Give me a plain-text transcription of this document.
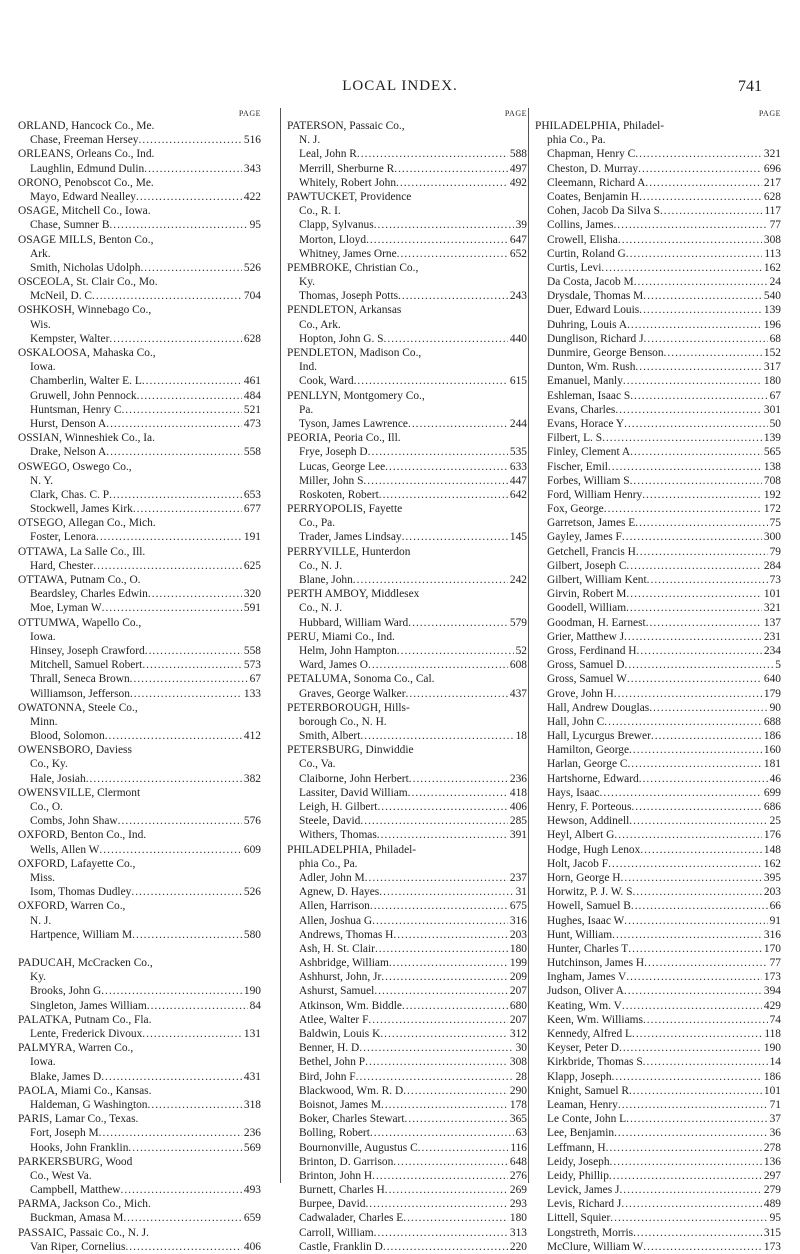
LOCAL INDEX.	741
PAGE
ORLAND, Hancock Co., Me.
Chase, Freeman Hersey .....	516
ORLEANS, Orleans Co., Ind.
Laughlin, Edmund Dulin .....	343
ORONO, Penobscot Co., Me.
Mayo, Edward Nealley .....	422
OSAGE, Mitchell Co., Iowa.
Chase, Sumner B .....	95
OSAGE MILLS, Benton Co.,
Ark.
Smith, Nicholas Udolph .....	526
OSCEOLA, St. Clair Co., Mo.
McNeil, D. C .....	704
OSHKOSH, Winnebago Co.,
Wis.
Kempster, Walter .....	628
OSKALOOSA, Mahaska Co.,
Iowa.
Chamberlin, Walter E. L .....	461
Gruwell, John Pennock .....	484
Huntsman, Henry C .....	521
Hurst, Denson A .....	473
OSSIAN, Winneshiek Co., Ia.
Drake, Nelson A .....	558
OSWEGO, Oswego Co.,
N. Y.
Clark, Chas. C. P .....	653
Stockwell, James Kirk .....	677
OTSEGO, Allegan Co., Mich.
Foster, Lenora .....	191
OTTAWA, La Salle Co., Ill.
Hard, Chester .....	625
OTTAWA, Putnam Co., O.
Beardsley, Charles Edwin .....	320
Moe, Lyman W .....	591
OTTUMWA, Wapello Co.,
Iowa.
Hinsey, Joseph Crawford .....	558
Mitchell, Samuel Robert .....	573
Thrall, Seneca Brown .....	67
Williamson, Jefferson .....	133
OWATONNA, Steele Co.,
Minn.
Blood, Solomon .....	412
OWENSBORO, Daviess
Co., Ky.
Hale, Josiah .....	382
OWENSVILLE, Clermont
Co., O.
Combs, John Shaw .....	576
OXFORD, Benton Co., Ind.
Wells, Allen W .....	609
OXFORD, Lafayette Co.,
Miss.
Isom, Thomas Dudley .....	526
OXFORD, Warren Co.,
N. J.
Hartpence, William M .....	580
PADUCAH, McCracken Co.,
Ky.
Brooks, John G .....	190
Singleton, James William .....	84
PALATKA, Putnam Co., Fla.
Lente, Frederick Divoux .....	131
PALMYRA, Warren Co.,
Iowa.
Blake, James D .....	431
PAOLA, Miami Co., Kansas.
Haldeman, G Washington .....	318
PARIS, Lamar Co., Texas.
Fort, Joseph M .....	236
Hooks, John Franklin .....	569
PARKERSBURG, Wood
Co., West Va.
Campbell, Matthew .....	493
PARMA, Jackson Co., Mich.
Buckman, Amasa M .....	659
PASSAIC, Passaic Co., N. J.
Van Riper, Cornelius .....	406
PAGE
PATERSON, Passaic Co.,
N. J.
Leal, John R .....	588
Merrill, Sherburne R .....	497
Whitely, Robert John .....	492
PAWTUCKET, Providence
Co., R. I.
Clapp, Sylvanus .....	39
Morton, Lloyd .....	647
Whitney, James Orne .....	652
PEMBROKE, Christian Co.,
Ky.
Thomas, Joseph Potts .....	243
PENDLETON, Arkansas
Co., Ark.
Hopton, John G. S .....	440
PENDLETON, Madison Co.,
Ind.
Cook, Ward .....	615
PENLLYN, Montgomery Co.,
Pa.
Tyson, James Lawrence .....	244
PEORIA, Peoria Co., Ill.
Frye, Joseph D .....	535
Lucas, George Lee .....	633
Miller, John S .....	447
Roskoten, Robert .....	642
PERRYOPOLIS, Fayette
Co., Pa.
Trader, James Lindsay .....	145
PERRYVILLE, Hunterdon
Co., N. J.
Blane, John .....	242
PERTH AMBOY, Middlesex
Co., N. J.
Hubbard, William Ward .....	579
PERU, Miami Co., Ind.
Helm, John Hampton .....	52
Ward, James O .....	608
PETALUMA, Sonoma Co., Cal.
Graves, George Walker .....	437
PETERBOROUGH, Hills-
borough Co., N. H.
Smith, Albert .....	18
PETERSBURG, Dinwiddie
Co., Va.
Claiborne, John Herbert .....	236
Lassiter, David William .....	418
Leigh, H. Gilbert .....	406
Steele, David .....	285
Withers, Thomas .....	391
PHILADELPHIA, Philadel-
phia Co., Pa.
Adler, John M .....	237
Agnew, D. Hayes .....	31
Allen, Harrison .....	675
Allen, Joshua G .....	316
Andrews, Thomas H .....	203
Ash, H. St. Clair .....	180
Ashbridge, William .....	199
Ashhurst, John, Jr .....	209
Ashurst, Samuel .....	207
Atkinson, Wm. Biddle .....	680
Atlee, Walter F .....	207
Baldwin, Louis K .....	312
Benner, H. D .....	30
Bethel, John P .....	308
Bird, John F .....	28
Blackwood, Wm. R. D .....	290
Boisnot, James M .....	178
Boker, Charles Stewart .....	365
Bolling, Robert .....	63
Bournonville, Augustus C .....	116
Brinton, D. Garrison .....	648
Brinton, John H .....	276
Burnett, Charles H .....	269
Burpee, David .....	293
Cadwalader, Charles E .....	180
Carroll, William .....	313
Castle, Franklin D .....	220
PAGE
PHILADELPHIA, Philadel-
phia Co., Pa.
Chapman, Henry C .....	321
Cheston, D. Murray .....	696
Cleemann, Richard A .....	217
Coates, Benjamin H .....	628
Cohen, Jacob Da Silva S .....	117
Collins, James .....	77
Crowell, Elisha .....	308
Curtin, Roland G .....	113
Curtis, Levi .....	162
Da Costa, Jacob M .....	24
Drysdale, Thomas M .....	540
Duer, Edward Louis .....	139
Duhring, Louis A .....	196
Dunglison, Richard J .....	68
Dunmire, George Benson .....	152
Dunton, Wm. Rush .....	317
Emanuel, Manly .....	180
Eshleman, Isaac S .....	67
Evans, Charles .....	301
Evans, Horace Y .....	50
Filbert, L. S .....	139
Finley, Clement A .....	565
Fischer, Emil .....	138
Forbes, William S .....	708
Ford, William Henry .....	192
Fox, George .....	172
Garretson, James E .....	75
Gayley, James F .....	300
Getchell, Francis H .....	79
Gilbert, Joseph C .....	284
Gilbert, William Kent .....	73
Girvin, Robert M .....	101
Goodell, William .....	321
Goodman, H. Earnest .....	137
Grier, Matthew J .....	231
Gross, Ferdinand H .....	234
Gross, Samuel D .....	5
Gross, Samuel W .....	640
Grove, John H .....	179
Hall, Andrew Douglas .....	90
Hall, John C .....	688
Hall, Lycurgus Brewer .....	186
Hamilton, George .....	160
Harlan, George C .....	181
Hartshorne, Edward .....	46
Hays, Isaac .....	699
Henry, F. Porteous .....	686
Hewson, Addinell .....	25
Heyl, Albert G .....	176
Hodge, Hugh Lenox .....	148
Holt, Jacob F .....	162
Horn, George H .....	395
Horwitz, P. J. W. S .....	203
Howell, Samuel B .....	66
Hughes, Isaac W .....	91
Hunt, William .....	316
Hunter, Charles T .....	170
Hutchinson, James H .....	77
Ingham, James V .....	173
Judson, Oliver A .....	394
Keating, Wm. V .....	429
Keen, Wm. Williams .....	74
Kennedy, Alfred L .....	118
Keyser, Peter D .....	190
Kirkbride, Thomas S .....	14
Klapp, Joseph .....	186
Knight, Samuel R .....	101
Leaman, Henry .....	71
Le Conte, John L .....	37
Lee, Benjamin .....	36
Leffmann, H .....	278
Leidy, Joseph .....	136
Leidy, Phillip .....	297
Levick, James J .....	279
Levis, Richard J .....	489
Littell, Squier .....	95
Longstreth, Morris .....	315
McClure, William W .....	173
